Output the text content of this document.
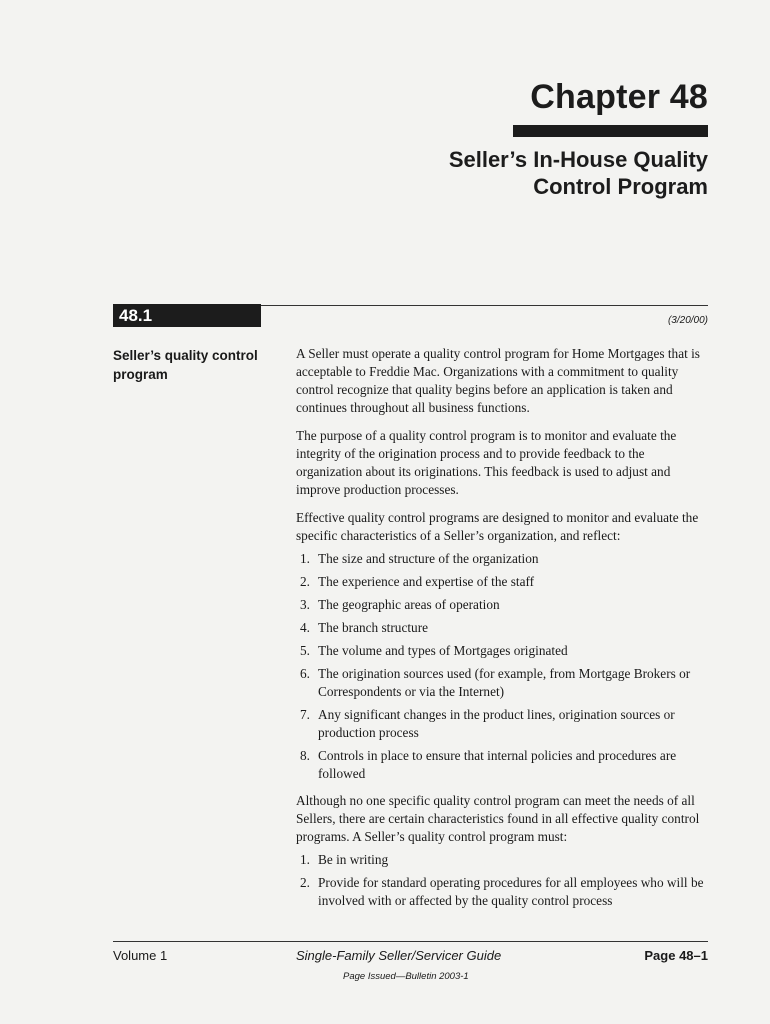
Chapter 48
Seller’s In-House Quality
Control Program
48.1	(3/20/00)
Seller’s quality control
program

A Seller must operate a quality control program for Home Mortgages that is acceptable to Freddie Mac. Organizations with a commitment to quality control recognize that quality begins before an application is taken and continues throughout all business functions.

The purpose of a quality control program is to monitor and evaluate the integrity of the origination process and to provide feedback to the organization about its originations. This feedback is used to adjust and improve production processes.

Effective quality control programs are designed to monitor and evaluate the specific characteristics of a Seller’s organization, and reflect:

1. The size and structure of the organization
2. The experience and expertise of the staff
3. The geographic areas of operation
4. The branch structure
5. The volume and types of Mortgages originated
6. The origination sources used (for example, from Mortgage Brokers or Correspondents or via the Internet)
7. Any significant changes in the product lines, origination sources or production process
8. Controls in place to ensure that internal policies and procedures are followed

Although no one specific quality control program can meet the needs of all Sellers, there are certain characteristics found in all effective quality control programs. A Seller’s quality control program must:

1. Be in writing
2. Provide for standard operating procedures for all employees who will be involved with or affected by the quality control process
Volume 1	Single-Family Seller/Servicer Guide	Page 48–1
Page Issued—Bulletin 2003-1
